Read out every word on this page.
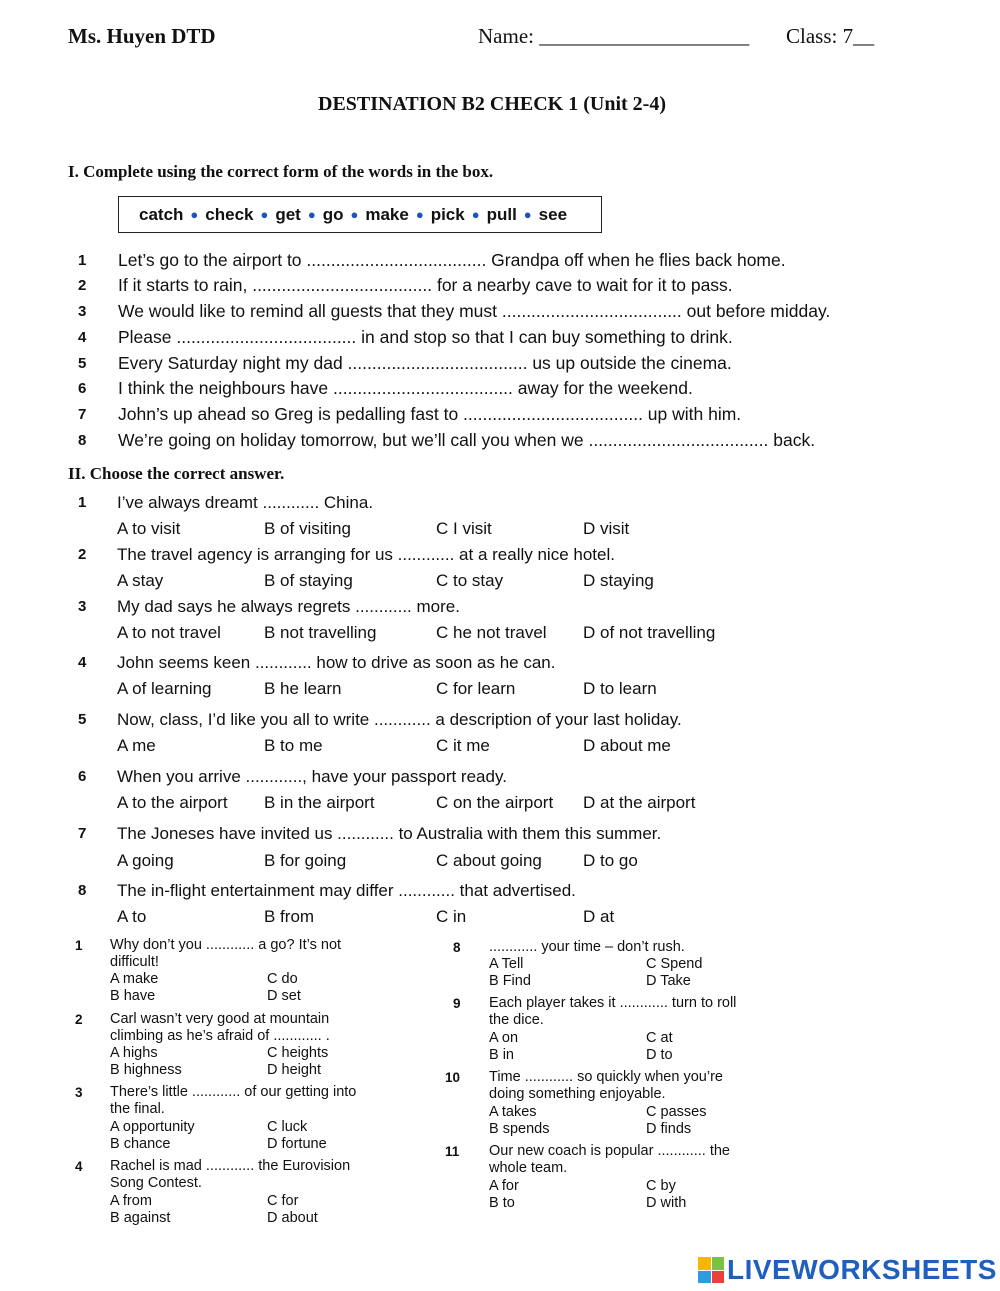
Ms. Huyen DTD	Name: ____________________ Class: 7__
DESTINATION B2 CHECK 1 (Unit 2-4)
I. Complete using the correct form of the words in the box.
catch ● check ● get ● go ● make ● pick ● pull ● see
1 Let’s go to the airport to ..................................... Grandpa off when he flies back home.
2 If it starts to rain, ..................................... for a nearby cave to wait for it to pass.
3 We would like to remind all guests that they must ..................................... out before midday.
4 Please ..................................... in and stop so that I can buy something to drink.
5 Every Saturday night my dad ..................................... us up outside the cinema.
6 I think the neighbours have ..................................... away for the weekend.
7 John’s up ahead so Greg is pedalling fast to ..................................... up with him.
8 We’re going on holiday tomorrow, but we’ll call you when we ..................................... back.
II. Choose the correct answer.
1 I’ve always dreamt ............ China.
A to visit	B of visiting	C I visit	D visit
2 The travel agency is arranging for us ............ at a really nice hotel.
A stay	B of staying	C to stay	D staying
3 My dad says he always regrets ............ more.
A to not travel	B not travelling	C he not travel D of not travelling
4 John seems keen ............ how to drive as soon as he can.
A of learning	B he learn	C for learn	D to learn
5 Now, class, I’d like you all to write ............ a description of your last holiday.
A me	B to me	C it me	D about me
6 When you arrive ............, have your passport ready.
A to the airport B in the airport	C on the airport D at the airport
7 The Joneses have invited us ............ to Australia with them this summer.
A going	B for going	C about going D to go
8 The in-flight entertainment may differ ............ that advertised.
A to	B from	C in	D at
1 Why don’t you ............ a go? It’s not
difficult!
A make	C do
B have	D set
2 Carl wasn’t very good at mountain
climbing as he’s afraid of ............ .
A highs	C heights
B highness	D height
3 There’s little ............ of our getting into
the final.
A opportunity	C luck
B chance	D fortune
4 Rachel is mad ............ the Eurovision
Song Contest.
A from	C for
B against	D about
8 ............ your time – don’t rush.
A Tell	C Spend
B Find	D Take
9 Each player takes it ............ turn to roll
the dice.
A on	C at
B in	D to
10 Time ............ so quickly when you’re
doing something enjoyable.
A takes	C passes
B spends	D finds
11 Our new coach is popular ............ the
whole team.
A for	C by
B to	D with
LIVEWORKSHEETS
